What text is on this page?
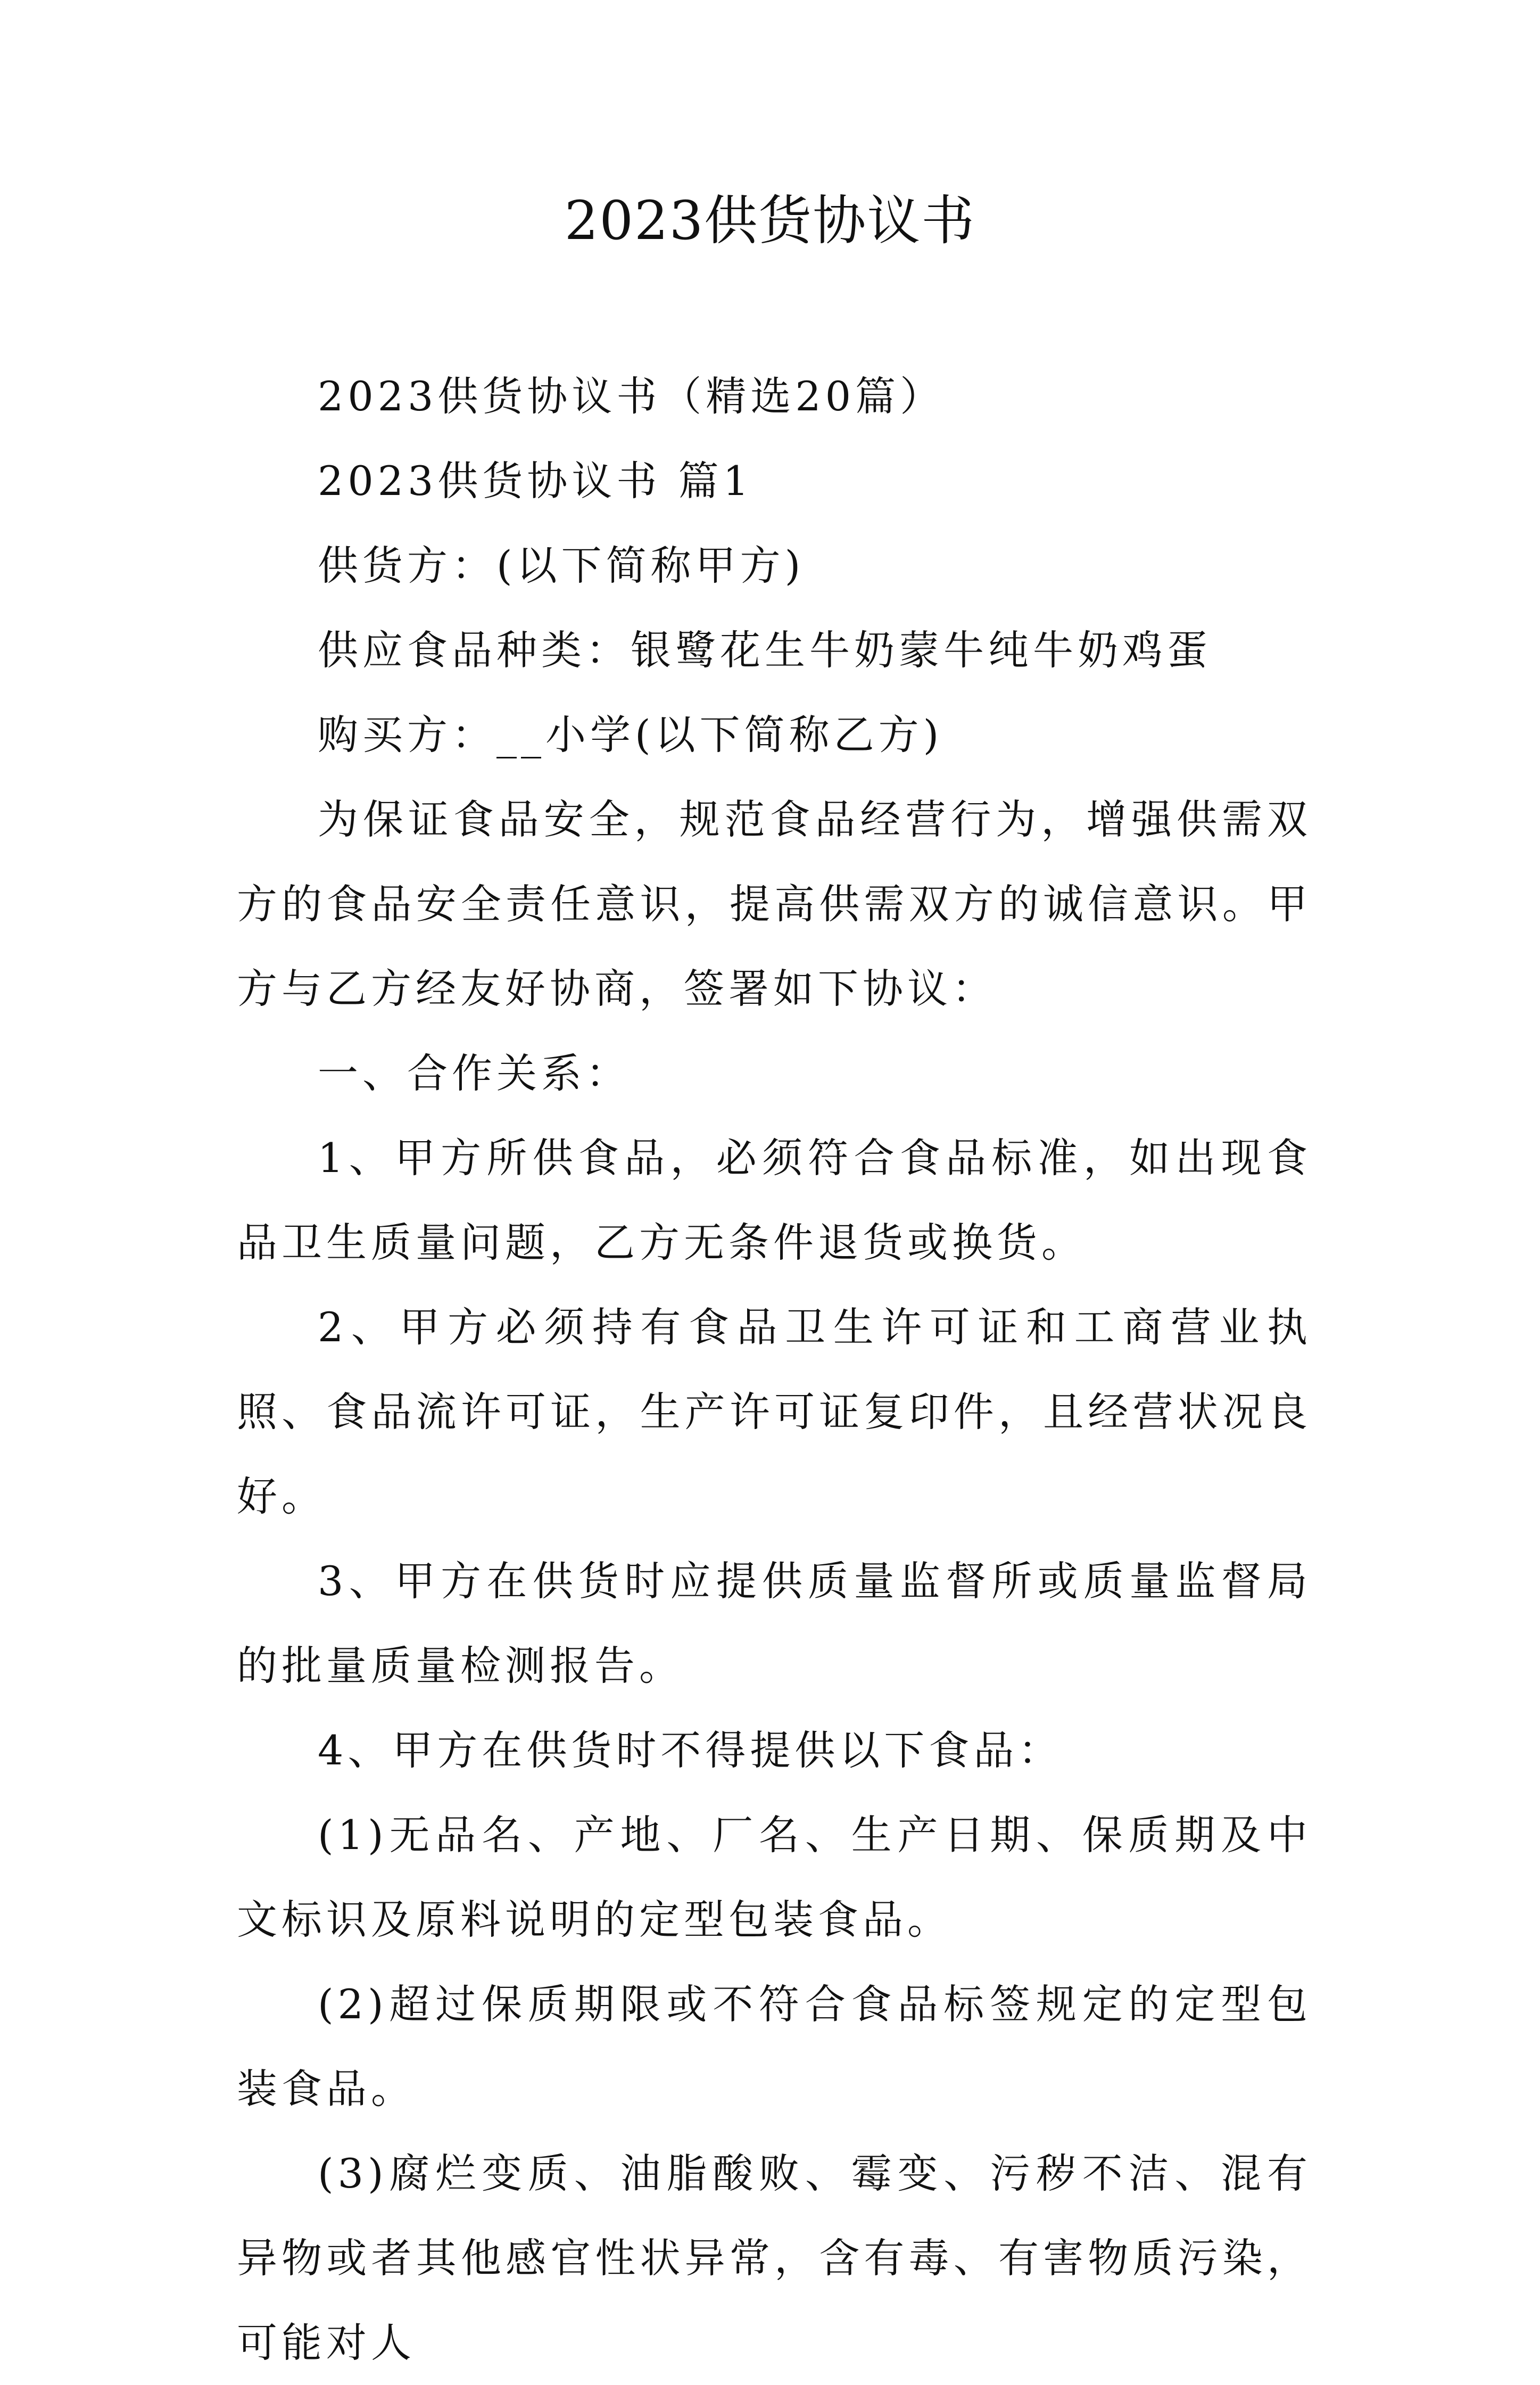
2023供货协议书

2023供货协议书（精选20篇）

2023供货协议书 篇1

供货方：(以下简称甲方)

供应食品种类：银鹭花生牛奶蒙牛纯牛奶鸡蛋

购买方：__小学(以下简称乙方)

为保证食品安全，规范食品经营行为，增强供需双方的食品安全责任意识，提高供需双方的诚信意识。甲方与乙方经友好协商，签署如下协议：

一、合作关系：

1、甲方所供食品，必须符合食品标准，如出现食品卫生质量问题，乙方无条件退货或换货。

2、甲方必须持有食品卫生许可证和工商营业执照、食品流许可证，生产许可证复印件，且经营状况良好。

3、甲方在供货时应提供质量监督所或质量监督局的批量质量检测报告。

4、甲方在供货时不得提供以下食品：

(1)无品名、产地、厂名、生产日期、保质期及中文标识及原料说明的定型包装食品。

(2)超过保质期限或不符合食品标签规定的定型包装食品。

(3)腐烂变质、油脂酸败、霉变、污秽不洁、混有异物或者其他感官性状异常，含有毒、有害物质污染，可能对人
